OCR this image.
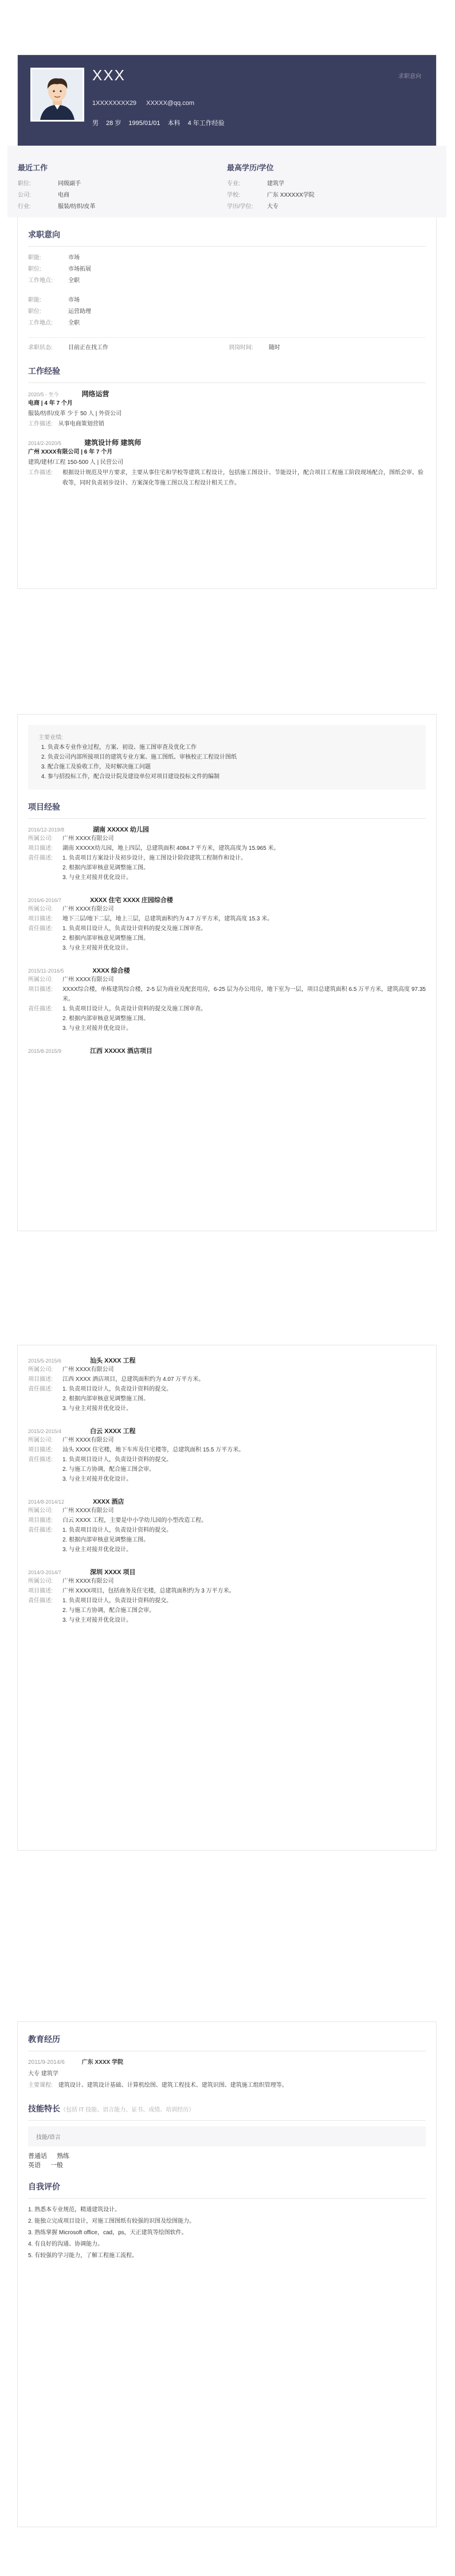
XXX
1XXXXXXXX29 XXXXX@qq.com
男 28 岁 1995/01/01 本科 4 年工作经验
求职意向
最近工作
职位:	同级副手
公司:	电商
行业:	服装/纺织/皮革
最高学历/学位
专业:	建筑学
学校:	广东 XXXXXX学院
学历/学位:	大专
求职意向
职能:	市场
职位:	市场拓展
工作地点:	全职
职能:	市场
职位:	运营助理
工作地点:	全职
求职状态:	目前正在找工作	到岗时间:	随时
工作经验
2020/5 - 至今	网络运营
电商 | 4 年 7 个月
服装/纺织/皮革 少于 50 人 | 外资公司
工作描述: 从事电商策划营销
2014/2-2020/5	建筑设计师 建筑师
广州 XXXX有限公司 | 6 年 7 个月
建筑/建材/工程 150-500 人 | 民营公司
工作描述:	根据设计规范及甲方要求，主要从事住宅和学校等建筑工程设计，包括施工图设计、节能设计，配合项目工程施工阶段现场配合，图纸会审、验收等，同时负责初步设计、方案深化等施工图以及工程设计相关工作。
主要业绩:
1. 负责本专业作业过程，方案、初设、施工图审查及优化工作
2. 负责公司内部所接项目的建筑专业方案、施工图纸、审核校正工程设计图纸
3. 配合施工及验收工作，及时解决施工问题
4. 参与招投标工作，配合设计院及建设单位对项目建设投标文件的编制
项目经验
2016/12-2019/8	湖南 XXXXX 幼儿园
所属公司:	广州 XXXX有限公司
项目描述:	湖南 XXXXX幼儿园，地上四层，总建筑面积 4084.7 平方米，建筑高度为 15.965 米。
责任描述:	1. 负责项目方案设计及初步设计，施工图设计阶段建筑工程制作和设计。
2. 根据内部审核意见调整施工图。
3. 与业主对接并优化设计。
2016/6-2016/7	XXXX 住宅 XXXX 庄园综合楼
所属公司:	广州 XXXX有限公司
项目描述:	地下三层/地下二层，地上三层，总建筑面积约为 4.7 万平方米，建筑高度 15.3 米。
责任描述:	1. 负责项目设计人，负责设计资料的提交及施工图审查。
2. 根据内部审核意见调整施工图。
3. 与业主对接并优化设计。
2015/11-2016/5	XXXX 综合楼
所属公司:	广州 XXXX有限公司
项目描述:	XXXX综合楼，单栋建筑综合楼，2-5 层为商业及配套用房，6-25 层为办公用房，地下室为一层，项目总建筑面积 6.5 万平方米，建筑高度 97.35 米。
责任描述:	1. 负责项目设计人，负责设计资料的提交及施工图审查。
2. 根据内部审核意见调整施工图。
3. 与业主对接并优化设计。
2015/8-2015/9	江西 XXXXX 酒店项目
2015/5-2015/6	汕头 XXXX 工程
所属公司:	广州 XXXX有限公司
项目描述:	江西 XXXX 酒店项目，总建筑面积约为 4.07 万平方米。
责任描述:	1. 负责项目设计人，负责设计资料的提交。
2. 根据内部审核意见调整施工图。
3. 与业主对接并优化设计。
2015/2-2015/4	白云 XXXX 工程
所属公司:	广州 XXXX有限公司
项目描述:	汕头 XXXX 住宅楼，地下车库及住宅楼等，总建筑面积 15.5 万平方米。
责任描述:	1. 负责项目设计人，负责设计资料的提交。
2. 与施工方协调，配合施工图会审。
3. 与业主对接并优化设计。
2014/8-2014/12	XXXX 酒店
所属公司:	广州 XXXX有限公司
项目描述:	白云 XXXX 工程，主要是中小学幼儿园的小型改造工程。
责任描述:	1. 负责项目设计人，负责设计资料的提交。
2. 根据内部审核意见调整施工图。
3. 与业主对接并优化设计。
2014/3-2014/7	深圳 XXXX 项目
所属公司:	广州 XXXX有限公司
项目描述:	广州 XXXX项目，包括商务及住宅楼，总建筑面积约为 3 万平方米。
责任描述:	1. 负责项目设计人，负责设计资料的提交。
2. 与施工方协调，配合施工图会审。
3. 与业主对接并优化设计。
教育经历
2011/9-2014/6	广东 XXXX 学院
大专 建筑学
主要课程: 建筑设计、建筑设计基础、计算机绘图、建筑工程技术、建筑识图、建筑施工组织管理等。
技能特长（包括 IT 技能、语言能力、证书、成绩、培训经历）
技能/语言
普通话 熟练
英语 一般
自我评价
1. 熟悉本专业规范，精通建筑设计。
2. 能独立完成项目设计，对施工图图纸有较强的识图及绘图能力。
3. 熟练掌握 Microsoft office，cad，ps，天正建筑等绘图软件。
4. 有良好的沟通、协调能力。
5. 有较强的学习能力，了解工程施工流程。
